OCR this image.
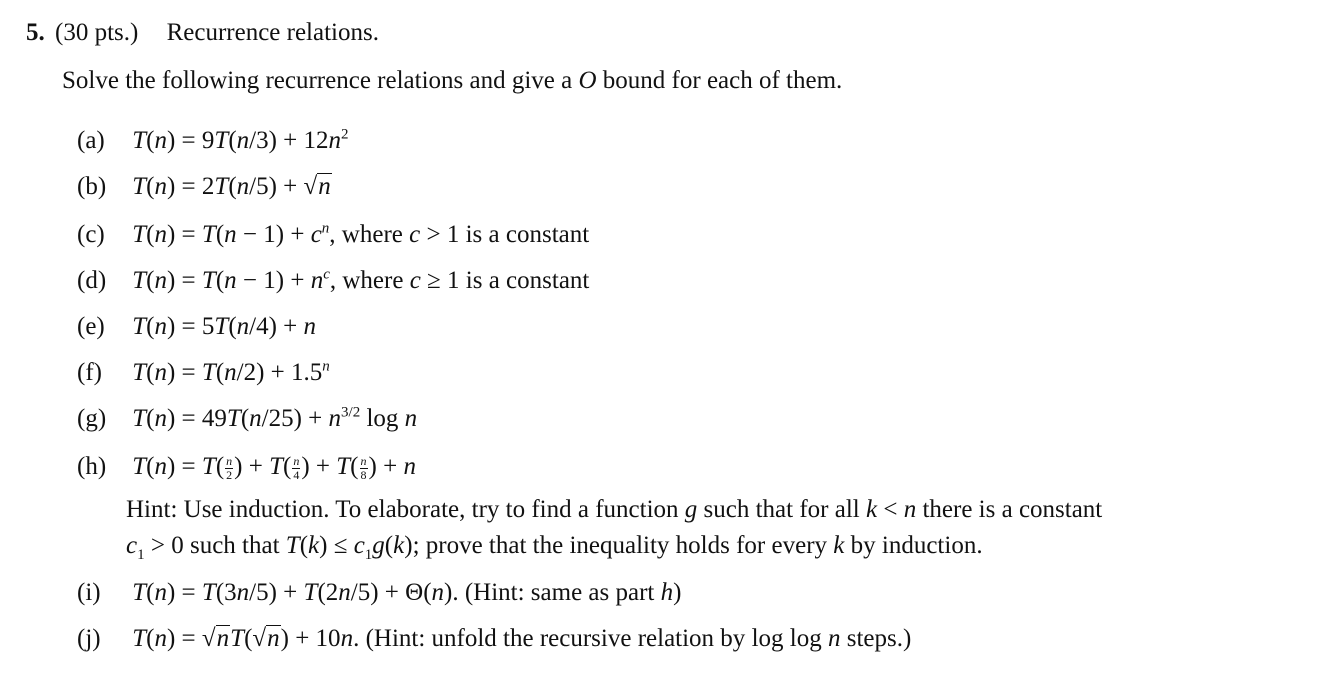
5. (30 pts.) Recurrence relations.
Solve the following recurrence relations and give a O bound for each of them.
(a) $T(n) = 9T(n/3) + 12n^2$
(b) T(n) = 2T(n/5) + √n
(c) $T(n) = T(n - 1) + c^n$, where c > 1 is a constant
(d) $T(n) = T(n - 1) + n^c$, where c ≥ 1 is a constant
(e) T(n) = 5T(n/4) + n
(f) $T(n) = T(n/2) + 1.5^n$
(g) $T(n) = 49T(n/25) + n^{3/2}$ log n
(h) $T(n) = T( \frac{n}{2}$ ) + $T( \frac{n}{4}$ ) + $T( \frac{n}{8}$ ) + n
Hint: Use induction. To elaborate, try to find a function g such that for all k < n there is a constant
$c_1 > 0$ such that $T(k) \le c_1g(k)$; prove that the inequality holds for every k by induction.
(i) T(n) = T(3n/5) + T(2n/5) + Θ(n). (Hint: same as part h)
(j) T(n) = √nT(√n) + 10n. (Hint: unfold the recursive relation by log log n steps.)
